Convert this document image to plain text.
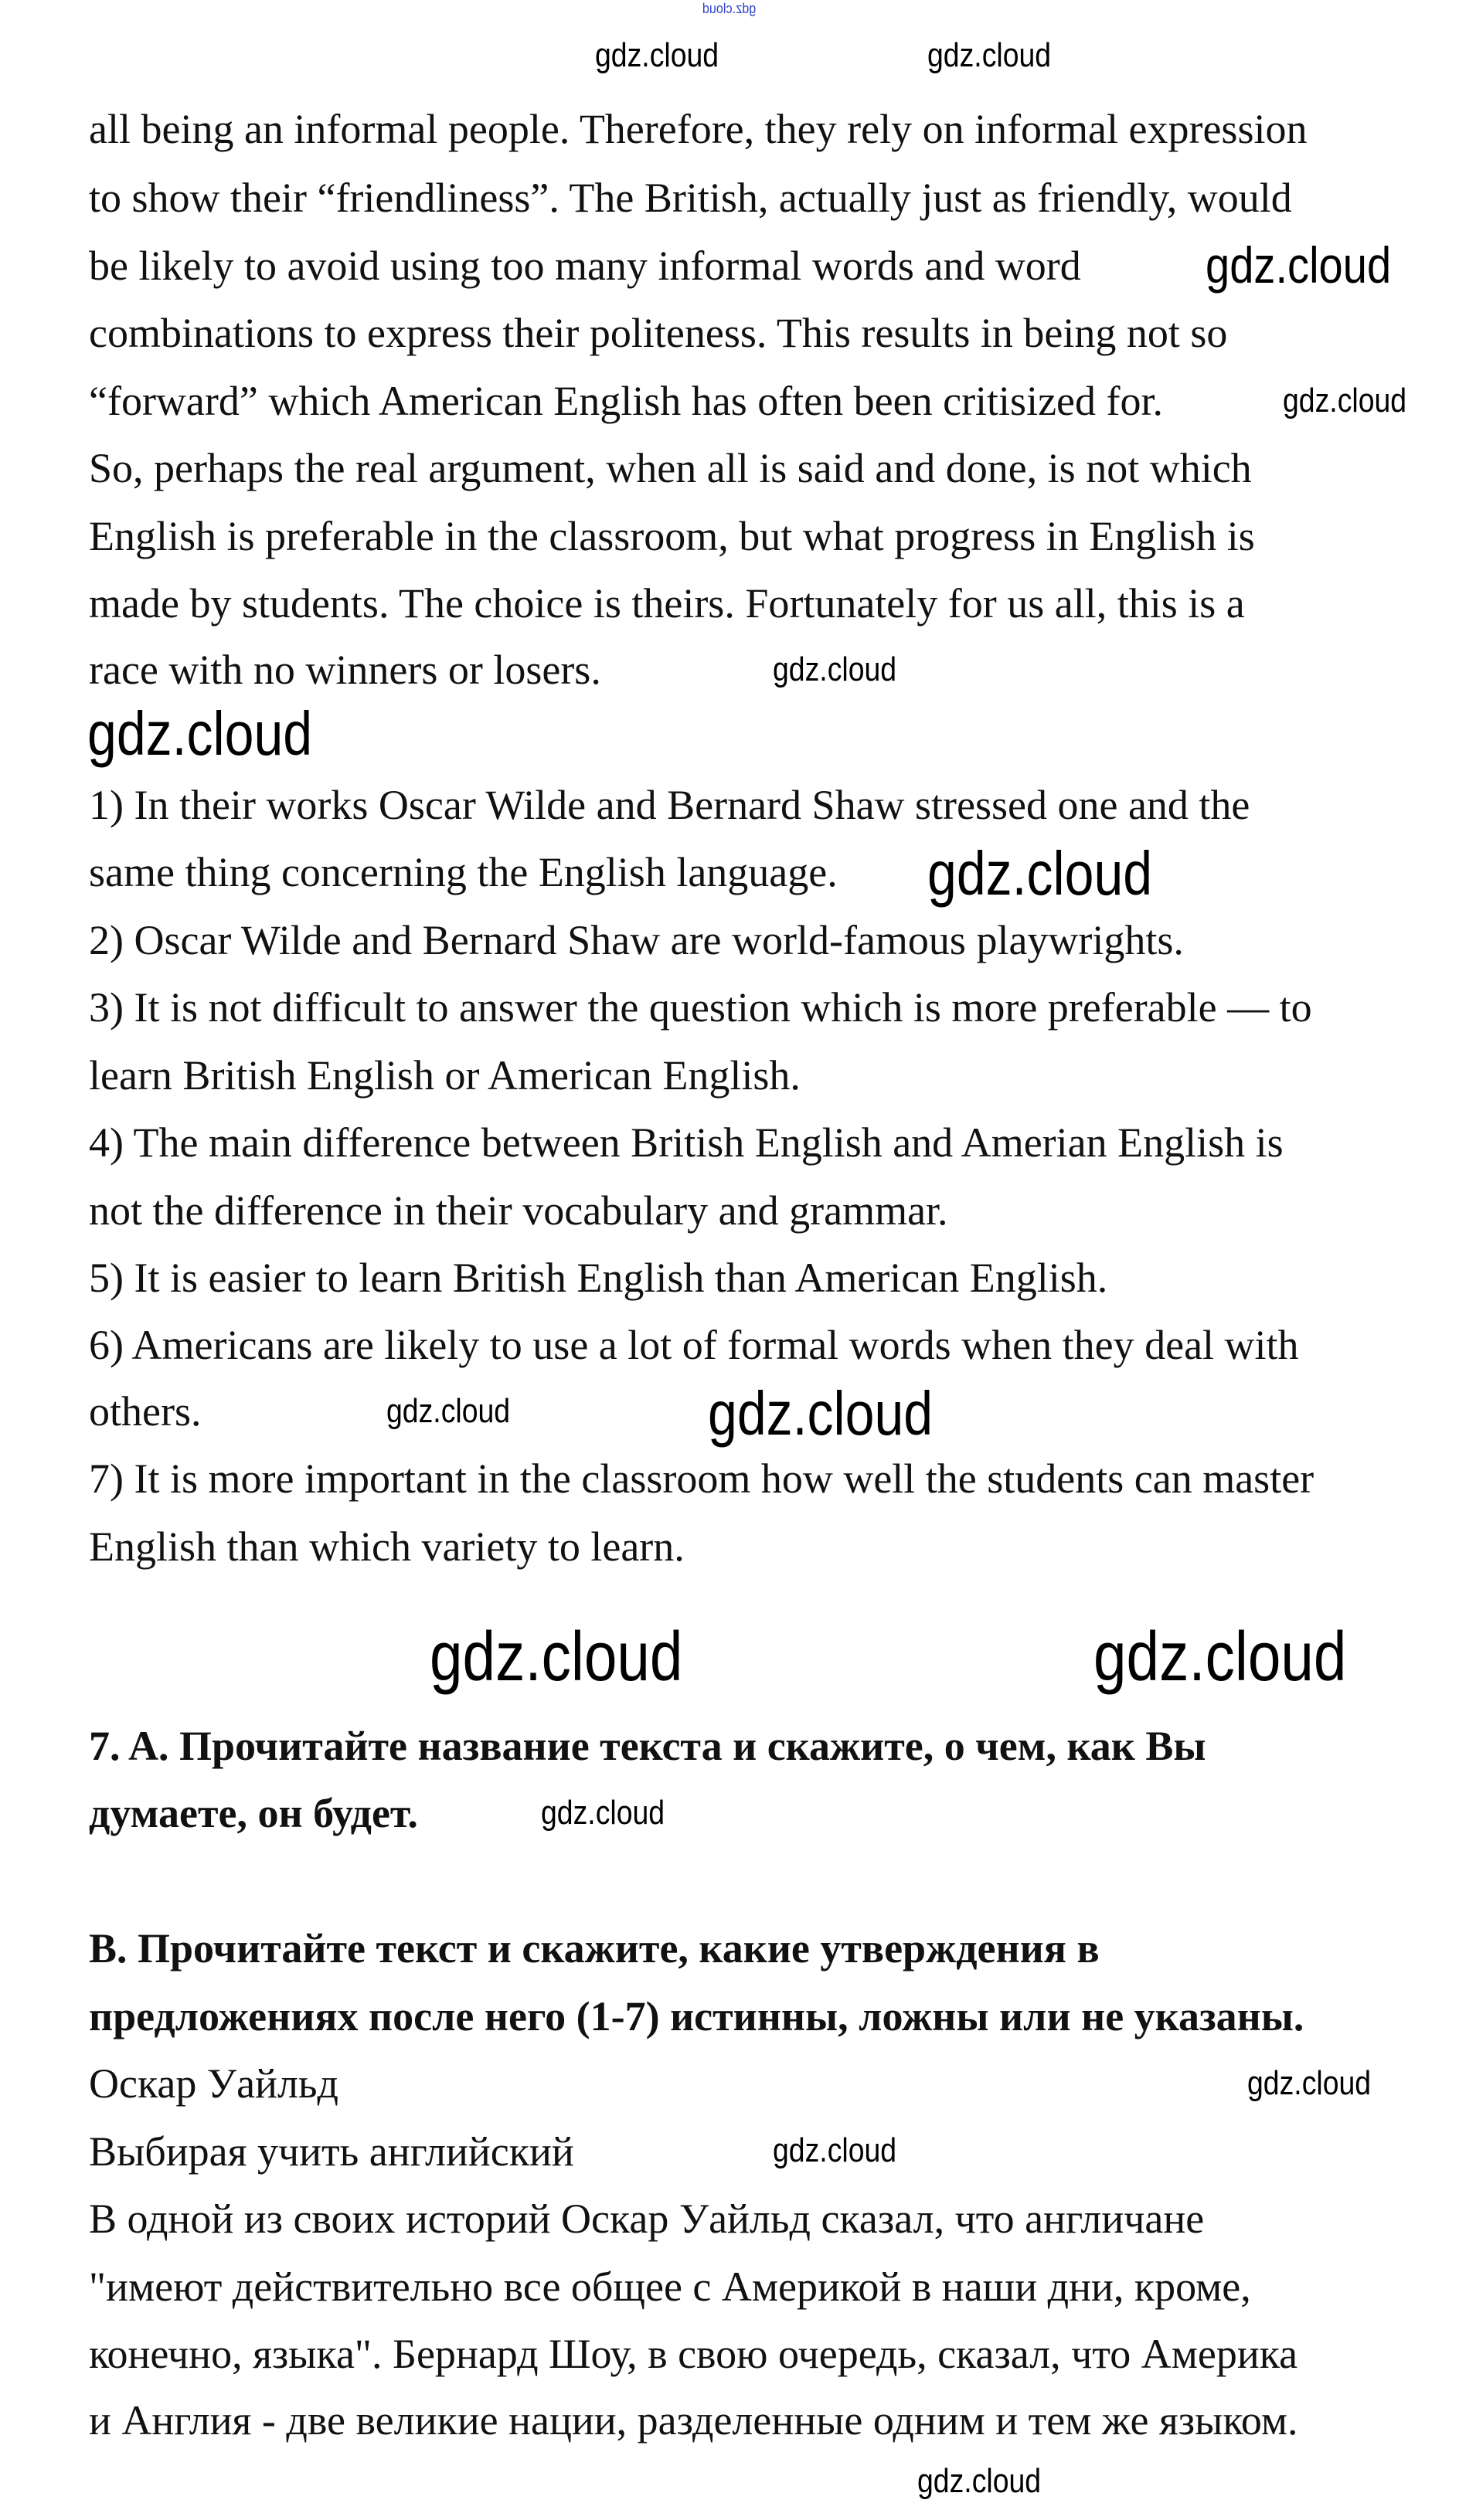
gdz.cloud
all being an informal people. Therefore, they rely on informal expression
to show their “friendliness”. The British, actually just as friendly, would
be likely to avoid using too many informal words and word
combinations to express their politeness. This results in being not so
“forward” which American English has often been critisized for.
So, perhaps the real argument, when all is said and done, is not which
English is preferable in the classroom, but what progress in English is
made by students. The choice is theirs. Fortunately for us all, this is a
race with no winners or losers.
1) In their works Oscar Wilde and Bernard Shaw stressed one and the
same thing concerning the English language.
2) Oscar Wilde and Bernard Shaw are world-famous playwrights.
3) It is not difficult to answer the question which is more preferable — to
learn British English or American English.
4) The main difference between British English and Amerian English is
not the difference in their vocabulary and grammar.
5) It is easier to learn British English than American English.
6) Americans are likely to use a lot of formal words when they deal with
others.
7) It is more important in the classroom how well the students can master
English than which variety to learn.
7. A. Прочитайте название текста и скажите, о чем, как Вы
думаете, он будет.
B. Прочитайте текст и скажите, какие утверждения в
предложениях после него (1-7) истинны, ложны или не указаны.
Оскар Уайльд
Выбирая учить английский
В одной из своих историй Оскар Уайльд сказал, что англичане
"имеют действительно все общее с Америкой в наши дни, кроме,
конечно, языка". Бернард Шоу, в свою очередь, сказал, что Америка
и Англия - две великие нации, разделенные одним и тем же языком.
gdz.cloud	gdz.cloud
gdz.cloud
gdz.cloud
gdz.cloud
gdz.cloud
gdz.cloud
gdz.cloud
gdz.cloud
gdz.cloud
gdz.cloud
gdz.cloud
gdz.cloud
gdz.cloud
gdz.cloud
